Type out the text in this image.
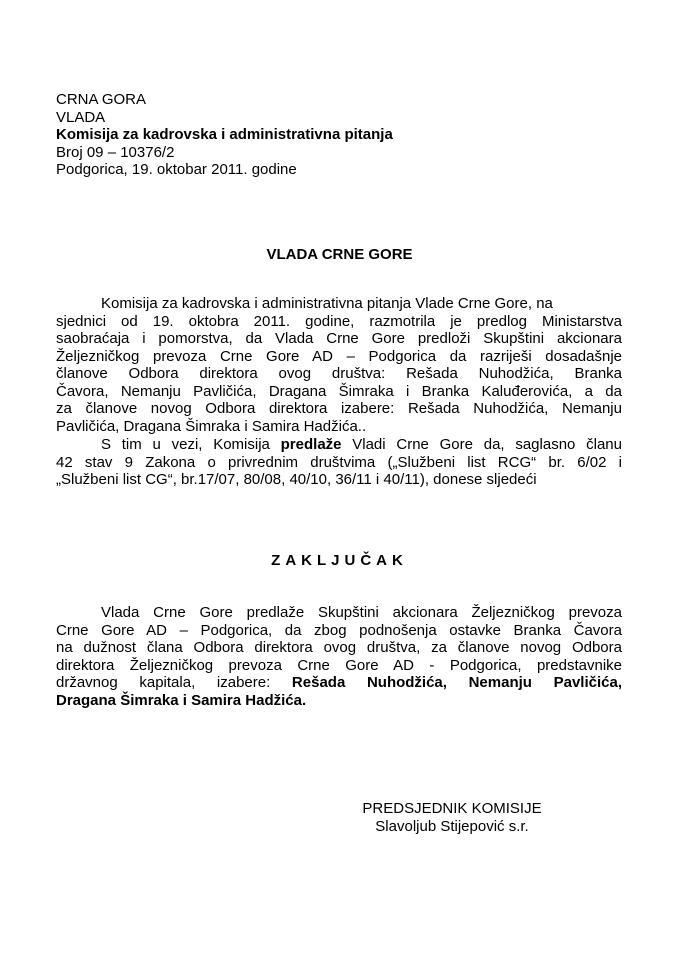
CRNA GORA
VLADA
Komisija za kadrovska i administrativna pitanja
Broj 09 – 10376/2
Podgorica, 19. oktobar 2011. godine
VLADA CRNE GORE
Komisija za kadrovska i administrativna pitanja Vlade Crne Gore, na
sjednici od 19. oktobra 2011. godine, razmotrila je predlog Ministarstva
saobraćaja i pomorstva, da Vlada Crne Gore predloži Skupštini akcionara
Željezničkog prevoza Crne Gore AD – Podgorica da razriješi dosadašnje
članove Odbora direktora ovog društva: Rešada Nuhodžića, Branka
Čavora, Nemanju Pavličića, Dragana Šimraka i Branka Kaluđerovića, a da
za članove novog Odbora direktora izabere: Rešada Nuhodžića, Nemanju
Pavličića, Dragana Šimraka i Samira Hadžića..
S tim u vezi, Komisija predlaže Vladi Crne Gore da, saglasno članu
42 stav 9 Zakona o privrednim društvima („Službeni list RCG“ br. 6/02 i
„Službeni list CG“, br.17/07, 80/08, 40/10, 36/11 i 40/11), donese sljedeći
ZAKLJUČAK
Vlada Crne Gore predlaže Skupštini akcionara Željezničkog prevoza
Crne Gore AD – Podgorica, da zbog podnošenja ostavke Branka Čavora
na dužnost člana Odbora direktora ovog društva, za članove novog Odbora
direktora Željezničkog prevoza Crne Gore AD - Podgorica, predstavnike
državnog kapitala, izabere: Rešada Nuhodžića, Nemanju Pavličića,
Dragana Šimraka i Samira Hadžića.
PREDSJEDNIK KOMISIJE
Slavoljub Stijepović s.r.
